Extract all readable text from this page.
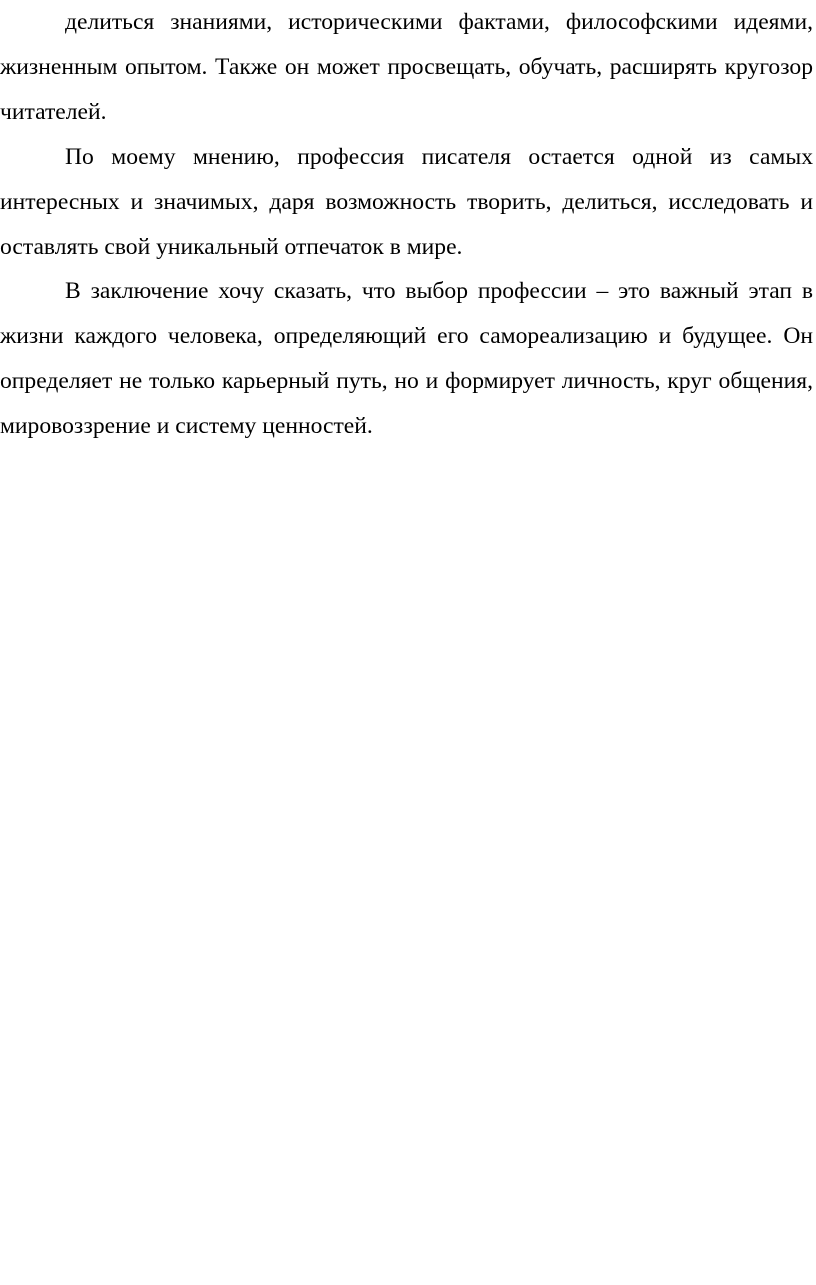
делиться знаниями, историческими фактами, философскими идеями, жизненным опытом. Также он может просвещать, обучать, расширять кругозор читателей.

По моему мнению, профессия писателя остается одной из самых интересных и значимых, даря возможность творить, делиться, исследовать и оставлять свой уникальный отпечаток в мире.

В заключение хочу сказать, что выбор профессии – это важный этап в жизни каждого человека, определяющий его самореализацию и будущее. Он определяет не только карьерный путь, но и формирует личность, круг общения, мировоззрение и систему ценностей.
